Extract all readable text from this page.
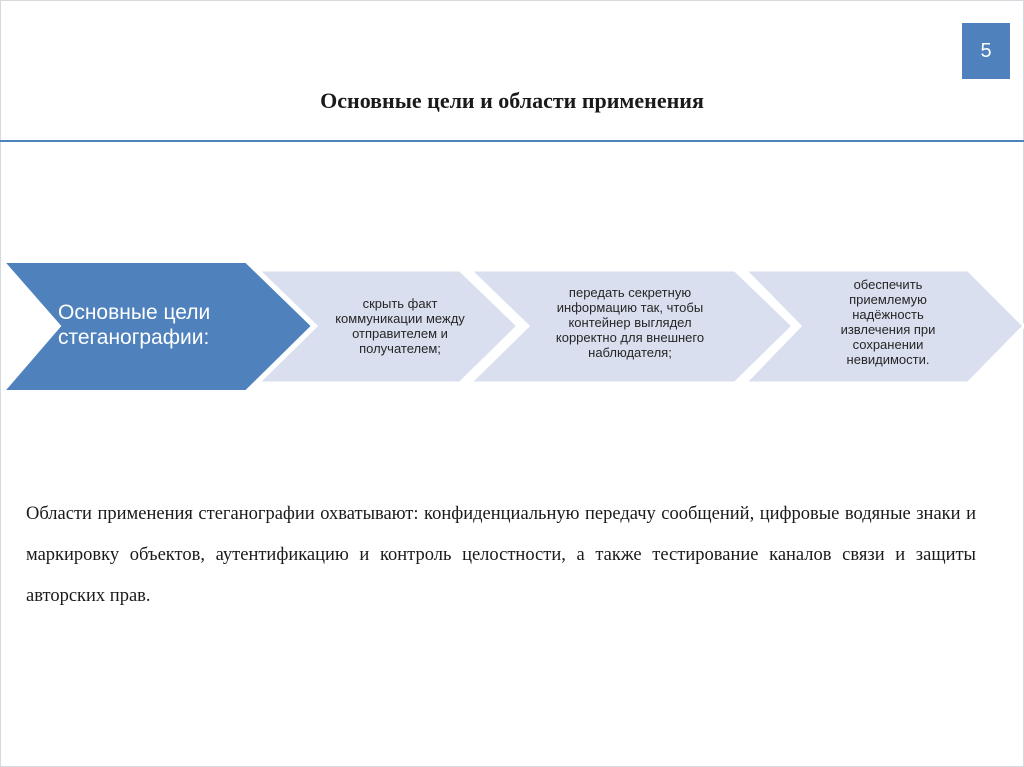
5
Основные цели и области применения
Основные цели стеганографии:
скрыть факт коммуникации между отправителем и получателем;
передать секретную информацию так, чтобы контейнер выглядел корректно для внешнего наблюдателя;
обеспечить приемлемую надёжность извлечения при сохранении невидимости.
Области применения стеганографии охватывают: конфиденциальную передачу сообщений, цифровые водяные знаки и маркировку объектов, аутентификацию и контроль целостности, а также тестирование каналов связи и защиты авторских прав.
